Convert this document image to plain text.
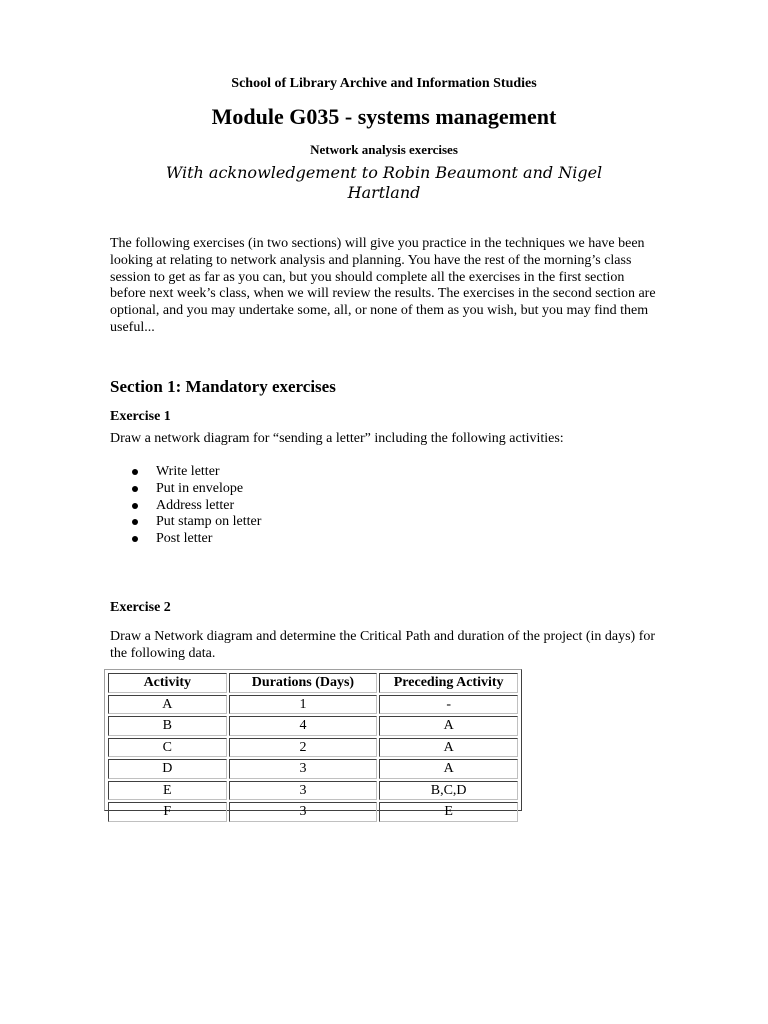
School of Library Archive and Information Studies
Module G035 - systems management
Network analysis exercises
With acknowledgement to Robin Beaumont and Nigel Hartland
The following exercises (in two sections) will give you practice in the techniques we have been looking at relating to network analysis and planning. You have the rest of the morning’s class session to get as far as you can, but you should complete all the exercises in the first section before next week’s class, when we will review the results. The exercises in the second section are optional, and you may undertake some, all, or none of them as you wish, but you may find them useful...
Section 1: Mandatory exercises
Exercise 1
Draw a network diagram for “sending a letter” including the following activities:
Write letter
Put in envelope
Address letter
Put stamp on letter
Post letter
Exercise 2
Draw a Network diagram and determine the Critical Path and duration of the project (in days) for the following data.
Activity	Durations (Days)	Preceding Activity
A	1	-
B	4	A
C	2	A
D	3	A
E	3	B,C,D
F	3	E
